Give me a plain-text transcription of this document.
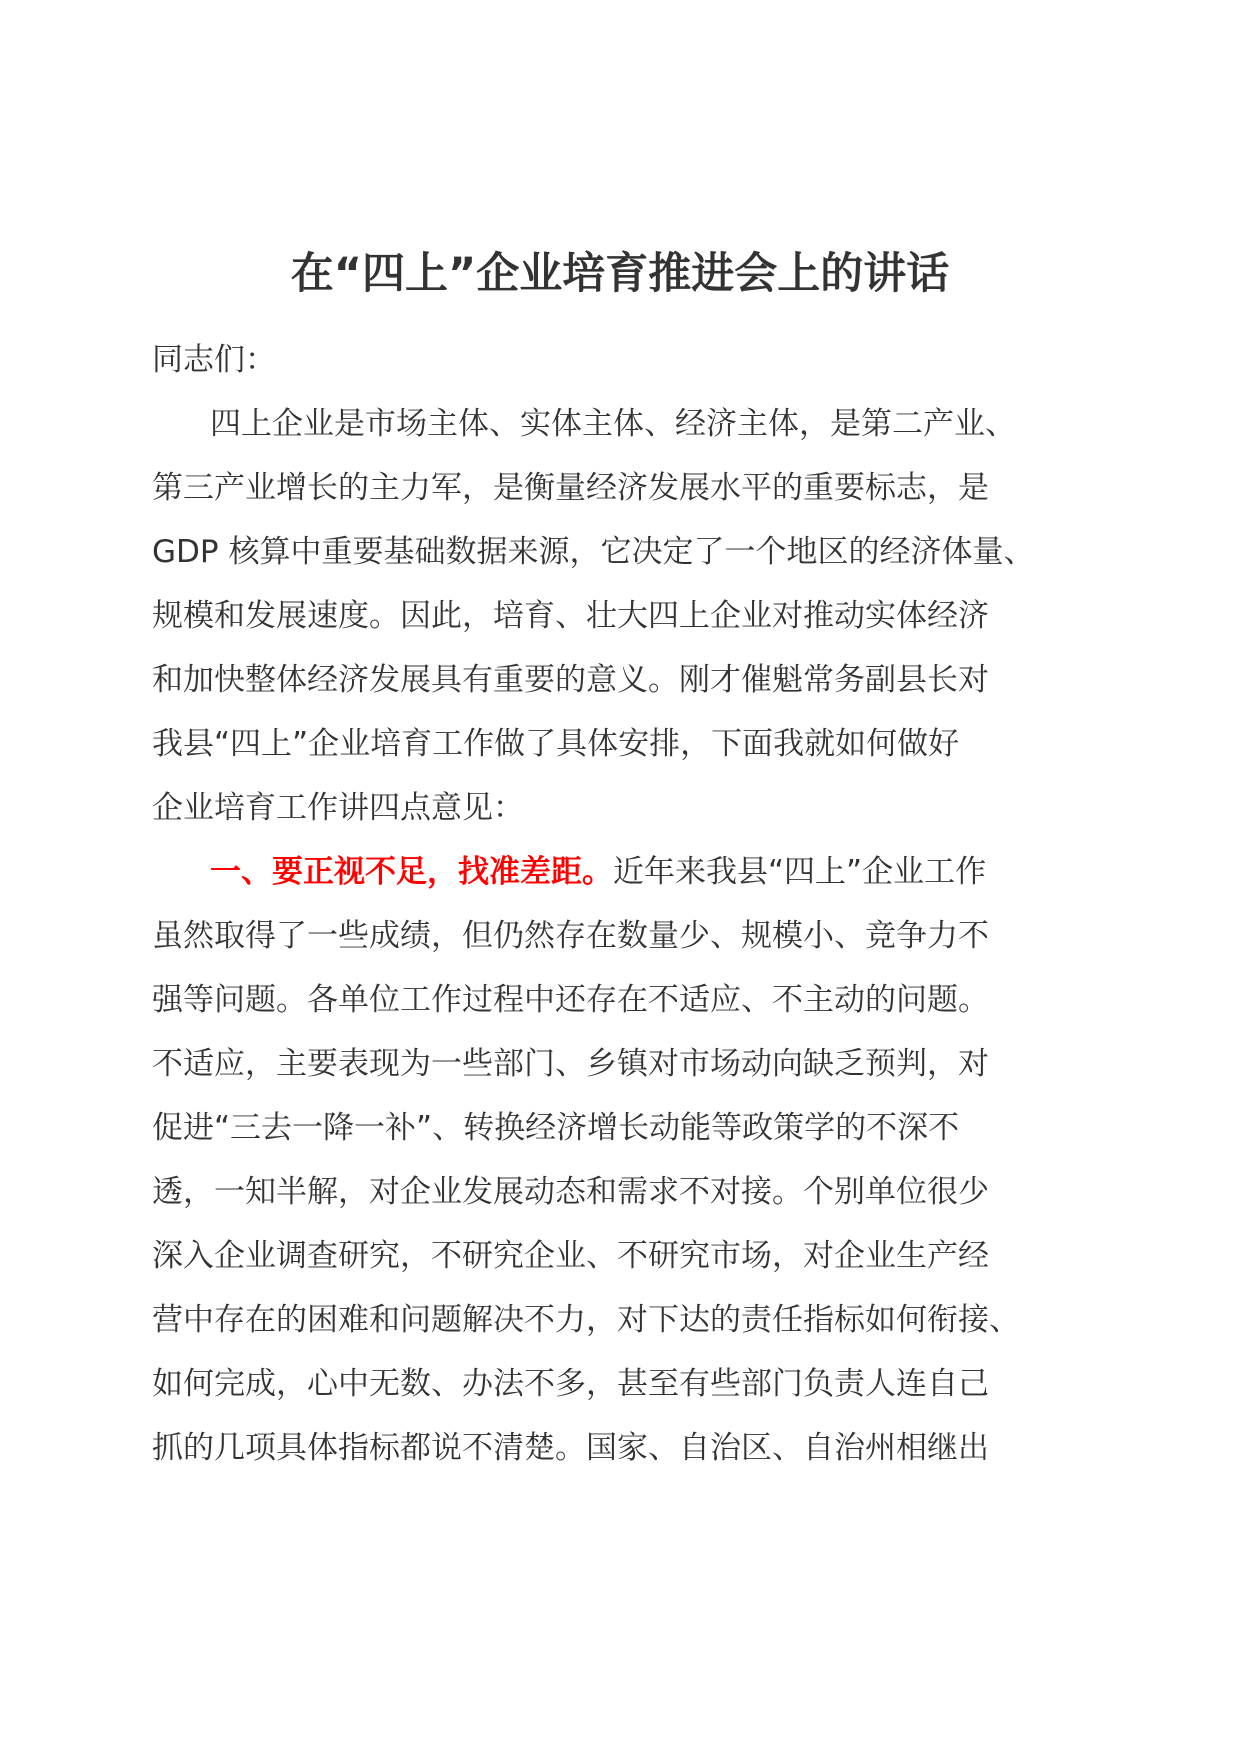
在“四上”企业培育推进会上的讲话
同志们：
四上企业是市场主体、实体主体、经济主体，是第二产业、
第三产业增长的主力军，是衡量经济发展水平的重要标志，是
GDP 核算中重要基础数据来源，它决定了一个地区的经济体量、
规模和发展速度。因此，培育、壮大四上企业对推动实体经济
和加快整体经济发展具有重要的意义。刚才催魁常务副县长对
我县“四上”企业培育工作做了具体安排，下面我就如何做好
企业培育工作讲四点意见：
一、要正视不足，找准差距。近年来我县“四上”企业工作
虽然取得了一些成绩，但仍然存在数量少、规模小、竞争力不
强等问题。各单位工作过程中还存在不适应、不主动的问题。
不适应，主要表现为一些部门、乡镇对市场动向缺乏预判，对
促进“三去一降一补”、转换经济增长动能等政策学的不深不
透，一知半解，对企业发展动态和需求不对接。个别单位很少
深入企业调查研究，不研究企业、不研究市场，对企业生产经
营中存在的困难和问题解决不力，对下达的责任指标如何衔接、
如何完成，心中无数、办法不多，甚至有些部门负责人连自己
抓的几项具体指标都说不清楚。国家、自治区、自治州相继出
